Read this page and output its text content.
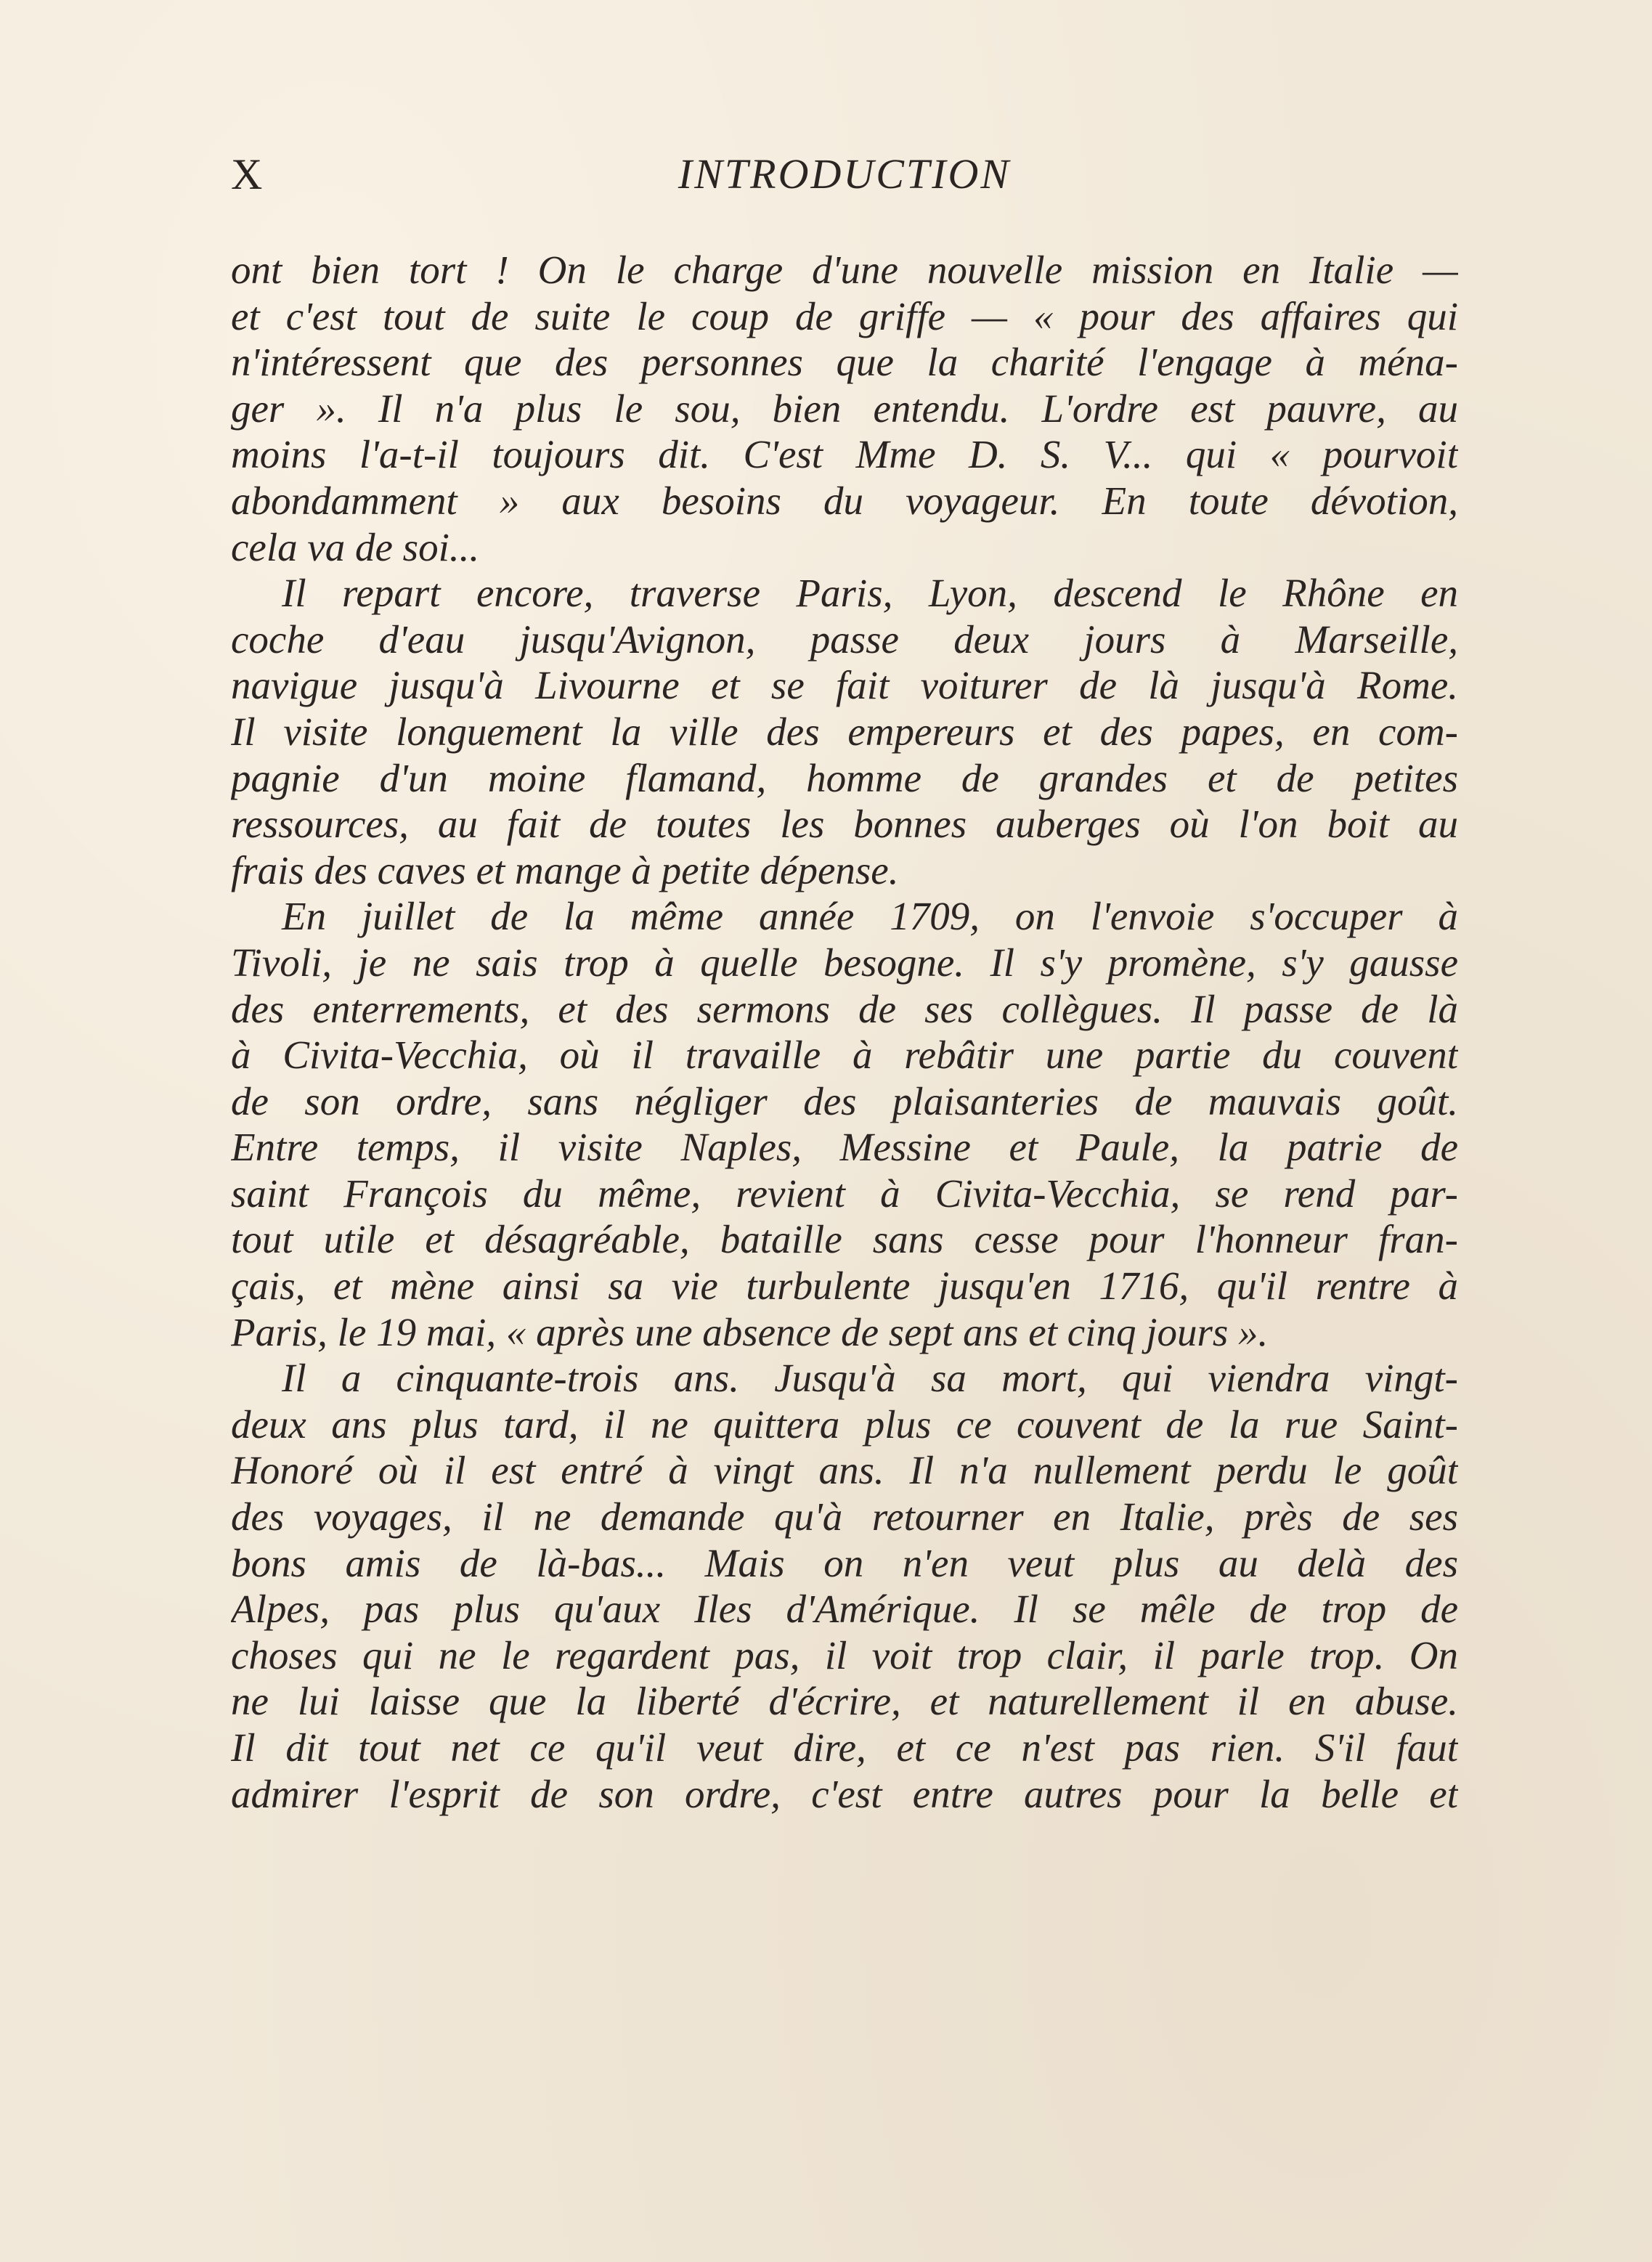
X	INTRODUCTION
ont bien tort ! On le charge d'une nouvelle mission en Italie —
et c'est tout de suite le coup de griffe — « pour des affaires qui
n'intéressent que des personnes que la charité l'engage à ména-
ger ». Il n'a plus le sou, bien entendu. L'ordre est pauvre, au
moins l'a-t-il toujours dit. C'est Mme D. S. V... qui « pourvoit
abondamment » aux besoins du voyageur. En toute dévotion,
cela va de soi...
Il repart encore, traverse Paris, Lyon, descend le Rhône en
coche d'eau jusqu'Avignon, passe deux jours à Marseille,
navigue jusqu'à Livourne et se fait voiturer de là jusqu'à Rome.
Il visite longuement la ville des empereurs et des papes, en com-
pagnie d'un moine flamand, homme de grandes et de petites
ressources, au fait de toutes les bonnes auberges où l'on boit au
frais des caves et mange à petite dépense.
En juillet de la même année 1709, on l'envoie s'occuper à
Tivoli, je ne sais trop à quelle besogne. Il s'y promène, s'y gausse
des enterrements, et des sermons de ses collègues. Il passe de là
à Civita-Vecchia, où il travaille à rebâtir une partie du couvent
de son ordre, sans négliger des plaisanteries de mauvais goût.
Entre temps, il visite Naples, Messine et Paule, la patrie de
saint François du même, revient à Civita-Vecchia, se rend par-
tout utile et désagréable, bataille sans cesse pour l'honneur fran-
çais, et mène ainsi sa vie turbulente jusqu'en 1716, qu'il rentre à
Paris, le 19 mai, « après une absence de sept ans et cinq jours ».
Il a cinquante-trois ans. Jusqu'à sa mort, qui viendra vingt-
deux ans plus tard, il ne quittera plus ce couvent de la rue Saint-
Honoré où il est entré à vingt ans. Il n'a nullement perdu le goût
des voyages, il ne demande qu'à retourner en Italie, près de ses
bons amis de là-bas... Mais on n'en veut plus au delà des
Alpes, pas plus qu'aux Iles d'Amérique. Il se mêle de trop de
choses qui ne le regardent pas, il voit trop clair, il parle trop. On
ne lui laisse que la liberté d'écrire, et naturellement il en abuse.
Il dit tout net ce qu'il veut dire, et ce n'est pas rien. S'il faut
admirer l'esprit de son ordre, c'est entre autres pour la belle et
